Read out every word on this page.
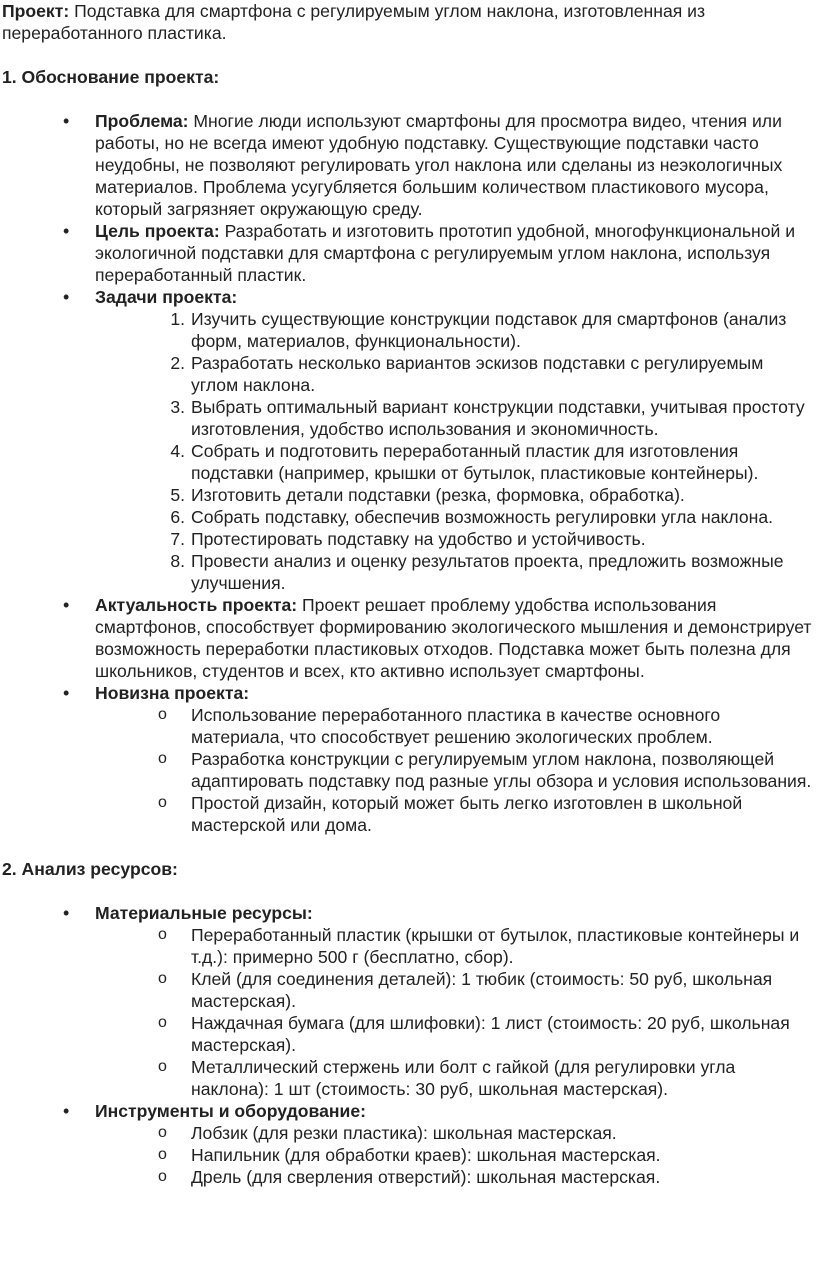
Проект: Подставка для смартфона с регулируемым углом наклона, изготовленная из переработанного пластика.

1. Обоснование проекта:
• Проблема: Многие люди используют смартфоны для просмотра видео, чтения или работы, но не всегда имеют удобную подставку. Существующие подставки часто неудобны, не позволяют регулировать угол наклона или сделаны из неэкологичных материалов. Проблема усугубляется большим количеством пластикового мусора, который загрязняет окружающую среду.
• Цель проекта: Разработать и изготовить прототип удобной, многофункциональной и экологичной подставки для смартфона с регулируемым углом наклона, используя переработанный пластик.
• Задачи проекта:
1. Изучить существующие конструкции подставок для смартфонов (анализ форм, материалов, функциональности).
2. Разработать несколько вариантов эскизов подставки с регулируемым углом наклона.
3. Выбрать оптимальный вариант конструкции подставки, учитывая простоту изготовления, удобство использования и экономичность.
4. Собрать и подготовить переработанный пластик для изготовления подставки (например, крышки от бутылок, пластиковые контейнеры).
5. Изготовить детали подставки (резка, формовка, обработка).
6. Собрать подставку, обеспечив возможность регулировки угла наклона.
7. Протестировать подставку на удобство и устойчивость.
8. Провести анализ и оценку результатов проекта, предложить возможные улучшения.
• Актуальность проекта: Проект решает проблему удобства использования смартфонов, способствует формированию экологического мышления и демонстрирует возможность переработки пластиковых отходов. Подставка может быть полезна для школьников, студентов и всех, кто активно использует смартфоны.
• Новизна проекта:
o Использование переработанного пластика в качестве основного материала, что способствует решению экологических проблем.
o Разработка конструкции с регулируемым углом наклона, позволяющей адаптировать подставку под разные углы обзора и условия использования.
o Простой дизайн, который может быть легко изготовлен в школьной мастерской или дома.
2. Анализ ресурсов:
• Материальные ресурсы:
o Переработанный пластик (крышки от бутылок, пластиковые контейнеры и т.д.): примерно 500 г (бесплатно, сбор).
o Клей (для соединения деталей): 1 тюбик (стоимость: 50 руб, школьная мастерская).
o Наждачная бумага (для шлифовки): 1 лист (стоимость: 20 руб, школьная мастерская).
o Металлический стержень или болт с гайкой (для регулировки угла наклона): 1 шт (стоимость: 30 руб, школьная мастерская).
• Инструменты и оборудование:
o Лобзик (для резки пластика): школьная мастерская.
o Напильник (для обработки краев): школьная мастерская.
o Дрель (для сверления отверстий): школьная мастерская.
